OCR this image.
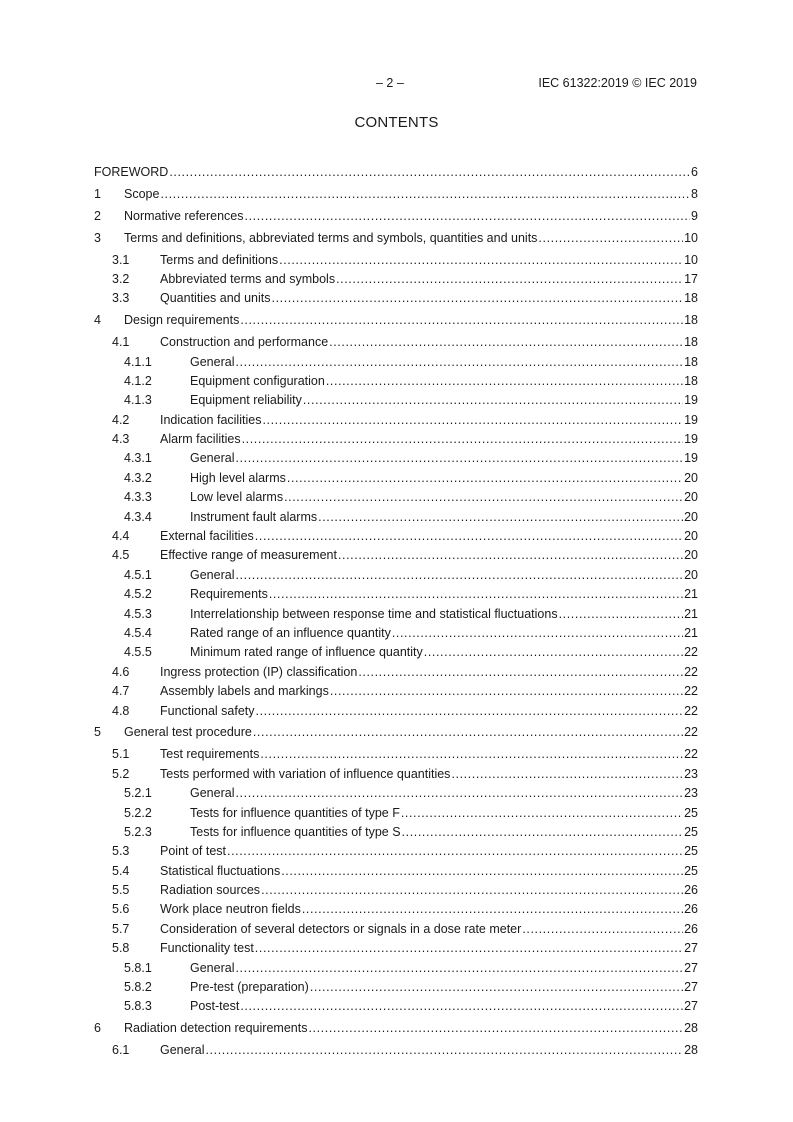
– 2 –	IEC 61322:2019 © IEC 2019
CONTENTS
FOREWORD .....	6
1	Scope .....	8
2	Normative references .....	9
3	Terms and definitions, abbreviated terms and symbols, quantities and units .....	10
3.1	Terms and definitions .....	10
3.2	Abbreviated terms and symbols .....	17
3.3	Quantities and units .....	18
4	Design requirements .....	18
4.1	Construction and performance .....	18
4.1.1	General .....	18
4.1.2	Equipment configuration .....	18
4.1.3	Equipment reliability .....	19
4.2	Indication facilities .....	19
4.3	Alarm facilities .....	19
4.3.1	General .....	19
4.3.2	High level alarms .....	20
4.3.3	Low level alarms .....	20
4.3.4	Instrument fault alarms .....	20
4.4	External facilities .....	20
4.5	Effective range of measurement .....	20
4.5.1	General .....	20
4.5.2	Requirements .....	21
4.5.3	Interrelationship between response time and statistical fluctuations .....	21
4.5.4	Rated range of an influence quantity .....	21
4.5.5	Minimum rated range of influence quantity .....	22
4.6	Ingress protection (IP) classification .....	22
4.7	Assembly labels and markings .....	22
4.8	Functional safety .....	22
5	General test procedure .....	22
5.1	Test requirements .....	22
5.2	Tests performed with variation of influence quantities .....	23
5.2.1	General .....	23
5.2.2	Tests for influence quantities of type F .....	25
5.2.3	Tests for influence quantities of type S .....	25
5.3	Point of test .....	25
5.4	Statistical fluctuations .....	25
5.5	Radiation sources .....	26
5.6	Work place neutron fields .....	26
5.7	Consideration of several detectors or signals in a dose rate meter .....	26
5.8	Functionality test .....	27
5.8.1	General .....	27
5.8.2	Pre-test (preparation) .....	27
5.8.3	Post-test .....	27
6	Radiation detection requirements .....	28
6.1	General .....	28
